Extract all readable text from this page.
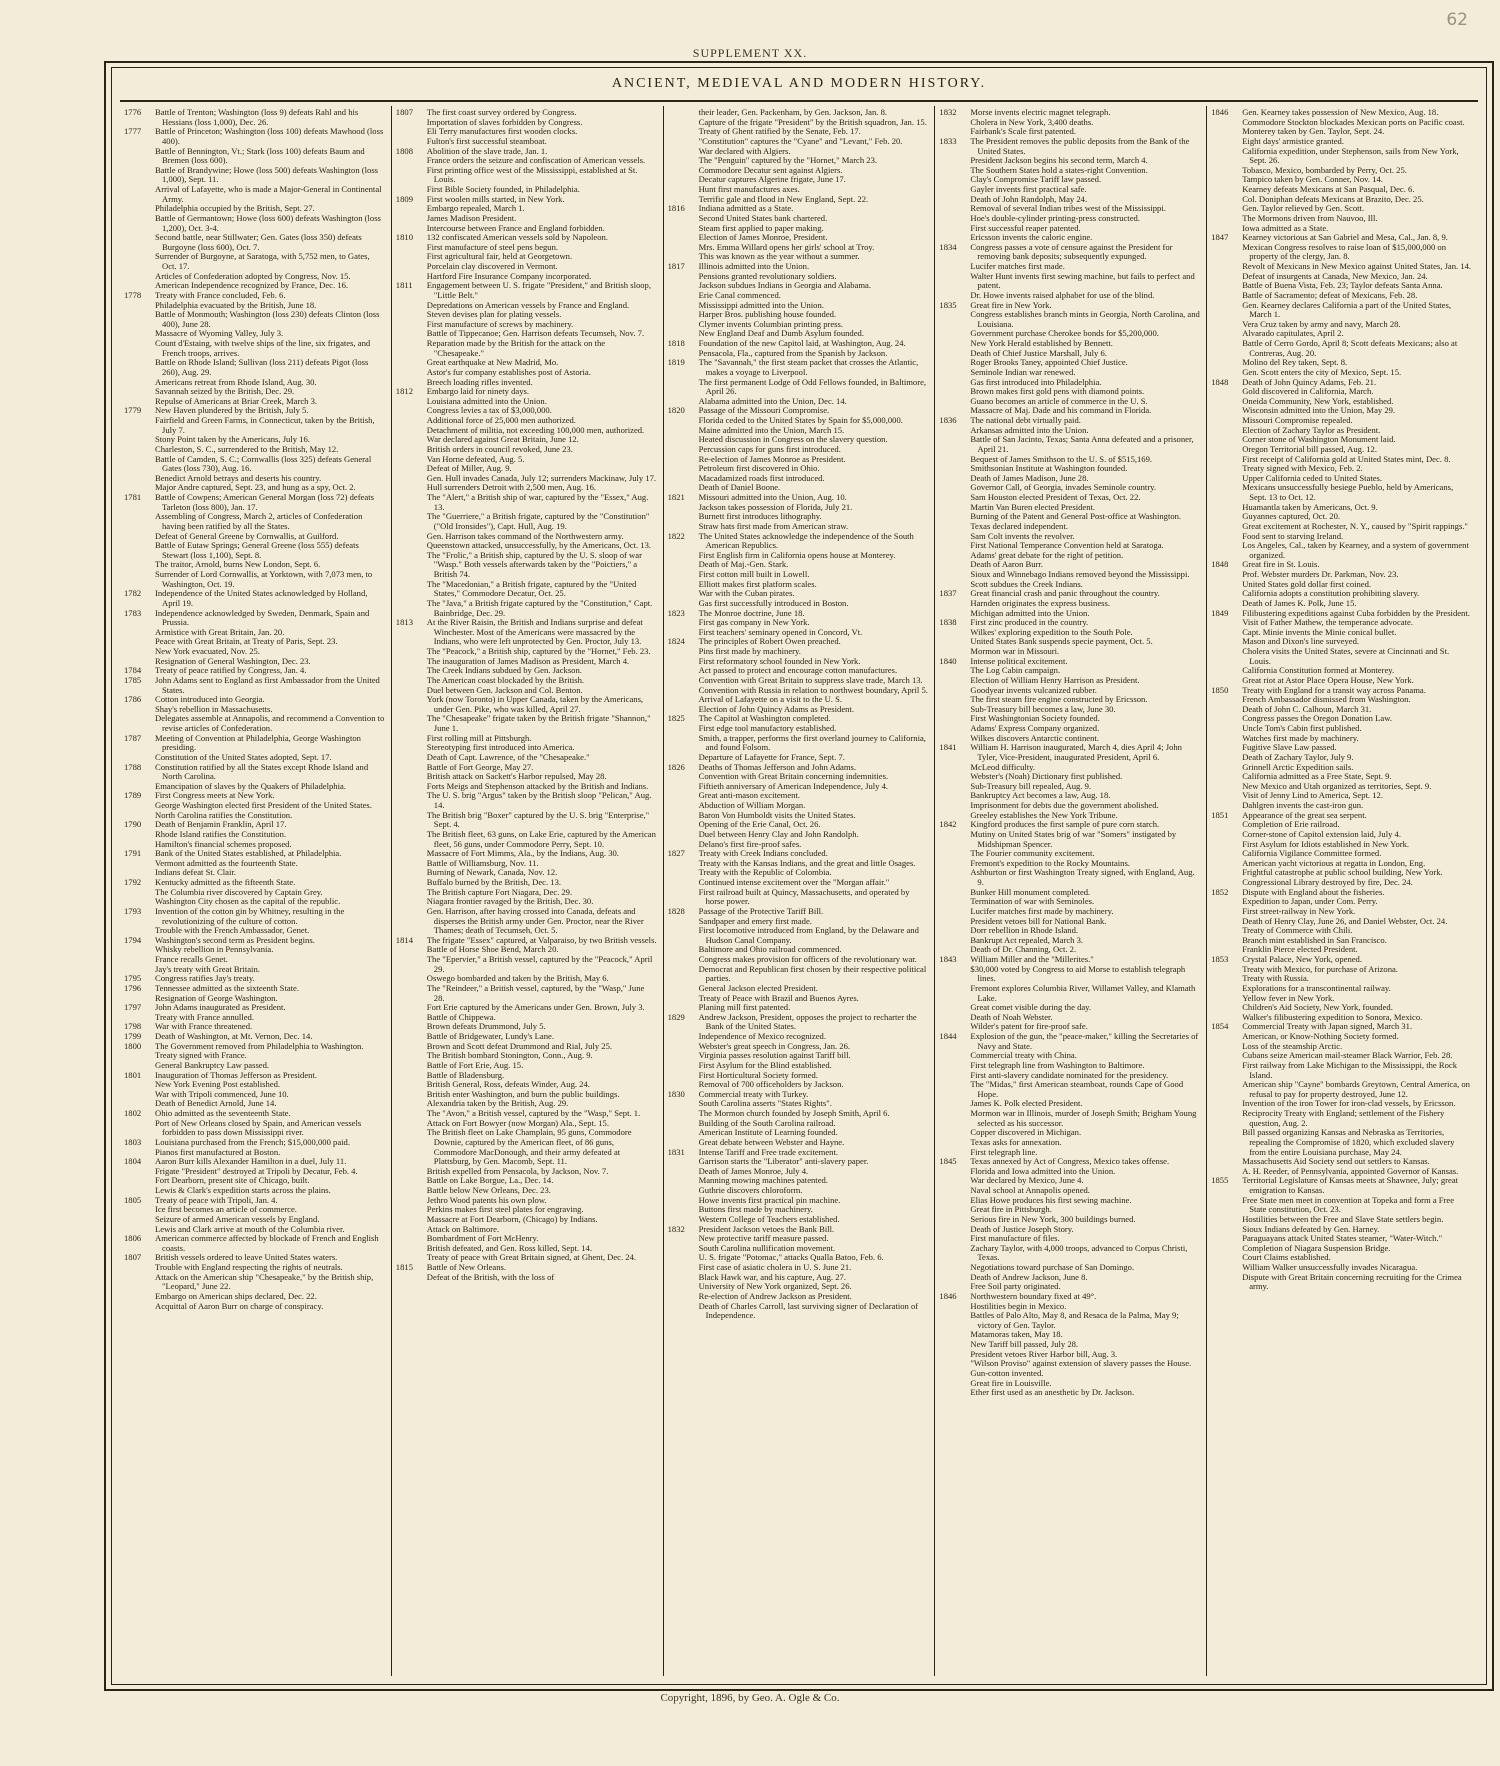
62
SUPPLEMENT XX.
ANCIENT, MEDIEVAL AND MODERN HISTORY.
1776	Battle of Trenton; Washington (loss 9) defeats Rahl and his Hessians (loss 1,000), Dec. 26.
1777	Battle of Princeton; Washington (loss 100) defeats Mawhood (loss 400).
Battle of Bennington, Vt.; Stark (loss 100) defeats Baum and Bremen (loss 600).
Battle of Brandywine; Howe (loss 500) defeats Washington (loss 1,000), Sept. 11.
Arrival of Lafayette, who is made a Major-General in Continental Army.
Philadelphia occupied by the British, Sept. 27.
Battle of Germantown; Howe (loss 600) defeats Washington (loss 1,200), Oct. 3-4.
Second battle, near Stillwater; Gen. Gates (loss 350) defeats Burgoyne (loss 600), Oct. 7.
Surrender of Burgoyne, at Saratoga, with 5,752 men, to Gates, Oct. 17.
Articles of Confederation adopted by Congress, Nov. 15.
American Independence recognized by France, Dec. 16.
1778	Treaty with France concluded, Feb. 6.
Philadelphia evacuated by the British, June 18.
Battle of Monmouth; Washington (loss 230) defeats Clinton (loss 400), June 28.
Massacre of Wyoming Valley, July 3.
Count d'Estaing, with twelve ships of the line, six frigates, and French troops, arrives.
Battle on Rhode Island; Sullivan (loss 211) defeats Pigot (loss 260), Aug. 29.
Americans retreat from Rhode Island, Aug. 30.
Savannah seized by the British, Dec. 29.
Repulse of Americans at Briar Creek, March 3.
1779	New Haven plundered by the British, July 5.
Fairfield and Green Farms, in Connecticut, taken by the British, July 7.
Stony Point taken by the Americans, July 16.
Charleston, S. C., surrendered to the British, May 12.
Battle of Camden, S. C.; Cornwallis (loss 325) defeats General Gates (loss 730), Aug. 16.
Benedict Arnold betrays and deserts his country.
Major Andre captured, Sept. 23, and hung as a spy, Oct. 2.
1781	Battle of Cowpens; American General Morgan (loss 72) defeats Tarleton (loss 800), Jan. 17.
Assembling of Congress, March 2, articles of Confederation having been ratified by all the States.
Defeat of General Greene by Cornwallis, at Guilford.
Battle of Eutaw Springs; General Greene (loss 555) defeats Stewart (loss 1,100), Sept. 8.
The traitor, Arnold, burns New London, Sept. 6.
Surrender of Lord Cornwallis, at Yorktown, with 7,073 men, to Washington, Oct. 19.
1782	Independence of the United States acknowledged by Holland, April 19.
1783	Independence acknowledged by Sweden, Denmark, Spain and Prussia.
Armistice with Great Britain, Jan. 20.
Peace with Great Britain, at Treaty of Paris, Sept. 23.
New York evacuated, Nov. 25.
Resignation of General Washington, Dec. 23.
1784	Treaty of peace ratified by Congress, Jan. 4.
1785	John Adams sent to England as first Ambassador from the United States.
1786	Cotton introduced into Georgia.
Shay's rebellion in Massachusetts.
Delegates assemble at Annapolis, and recommend a Convention to revise articles of Confederation.
1787	Meeting of Convention at Philadelphia, George Washington presiding.
Constitution of the United States adopted, Sept. 17.
1788	Constitution ratified by all the States except Rhode Island and North Carolina.
Emancipation of slaves by the Quakers of Philadelphia.
1789	First Congress meets at New York.
George Washington elected first President of the United States.
North Carolina ratifies the Constitution.
1790	Death of Benjamin Franklin, April 17.
Rhode Island ratifies the Constitution.
Hamilton's financial schemes proposed.
1791	Bank of the United States established, at Philadelphia.
Vermont admitted as the fourteenth State.
Indians defeat St. Clair.
1792	Kentucky admitted as the fifteenth State.
The Columbia river discovered by Captain Grey.
Washington City chosen as the capital of the republic.
1793	Invention of the cotton gin by Whitney, resulting in the revolutionizing of the culture of cotton.
Trouble with the French Ambassador, Genet.
1794	Washington's second term as President begins.
Whisky rebellion in Pennsylvania.
France recalls Genet.
Jay's treaty with Great Britain.
1795	Congress ratifies Jay's treaty.
1796	Tennessee admitted as the sixteenth State.
Resignation of George Washington.
1797	John Adams inaugurated as President.
Treaty with France annulled.
1798	War with France threatened.
1799	Death of Washington, at Mt. Vernon, Dec. 14.
1800	The Government removed from Philadelphia to Washington.
Treaty signed with France.
General Bankruptcy Law passed.
1801	Inauguration of Thomas Jefferson as President.
New York Evening Post established.
War with Tripoli commenced, June 10.
Death of Benedict Arnold, June 14.
1802	Ohio admitted as the seventeenth State.
Port of New Orleans closed by Spain, and American vessels forbidden to pass down Mississippi river.
1803	Louisiana purchased from the French; $15,000,000 paid.
Pianos first manufactured at Boston.
1804	Aaron Burr kills Alexander Hamilton in a duel, July 11.
Frigate "President" destroyed at Tripoli by Decatur, Feb. 4.
Fort Dearborn, present site of Chicago, built.
Lewis & Clark's expedition starts across the plains.
1805	Treaty of peace with Tripoli, Jan. 4.
Ice first becomes an article of commerce.
Seizure of armed American vessels by England.
Lewis and Clark arrive at mouth of the Columbia river.
1806	American commerce affected by blockade of French and English coasts.
1807	British vessels ordered to leave United States waters.
Trouble with England respecting the rights of neutrals.
Attack on the American ship "Chesapeake," by the British ship, "Leopard," June 22.
Embargo on American ships declared, Dec. 22.
Acquittal of Aaron Burr on charge of conspiracy.
1807	The first coast survey ordered by Congress.
Importation of slaves forbidden by Congress.
Eli Terry manufactures first wooden clocks.
Fulton's first successful steamboat.
1808	Abolition of the slave trade, Jan. 1.
France orders the seizure and confiscation of American vessels.
First printing office west of the Mississippi, established at St. Louis.
First Bible Society founded, in Philadelphia.
1809	First woolen mills started, in New York.
Embargo repealed, March 1.
James Madison President.
Intercourse between France and England forbidden.
1810	132 confiscated American vessels sold by Napoleon.
First manufacture of steel pens begun.
First agricultural fair, held at Georgetown.
Porcelain clay discovered in Vermont.
Hartford Fire Insurance Company incorporated.
1811	Engagement between U. S. frigate "President," and British sloop, "Little Belt."
Depredations on American vessels by France and England.
Steven devises plan for plating vessels.
First manufacture of screws by machinery.
Battle of Tippecanoe; Gen. Harrison defeats Tecumseh, Nov. 7.
Reparation made by the British for the attack on the "Chesapeake."
Great earthquake at New Madrid, Mo.
Astor's fur company establishes post of Astoria.
Breech loading rifles invented.
1812	Embargo laid for ninety days.
Louisiana admitted into the Union.
Congress levies a tax of $3,000,000.
Additional force of 25,000 men authorized.
Detachment of militia, not exceeding 100,000 men, authorized.
War declared against Great Britain, June 12.
British orders in council revoked, June 23.
Van Horne defeated, Aug. 5.
Defeat of Miller, Aug. 9.
Gen. Hull invades Canada, July 12; surrenders Mackinaw, July 17.
Hull surrenders Detroit with 2,500 men, Aug. 16.
The "Alert," a British ship of war, captured by the "Essex," Aug. 13.
The "Guerriere," a British frigate, captured by the "Constitution" ("Old Ironsides"), Capt. Hull, Aug. 19.
Gen. Harrison takes command of the Northwestern army.
Queenstown attacked, unsuccessfully, by the Americans, Oct. 13.
The "Frolic," a British ship, captured by the U. S. sloop of war "Wasp." Both vessels afterwards taken by the "Poictiers," a British 74.
The "Macedonian," a British frigate, captured by the "United States," Commodore Decatur, Oct. 25.
The "Java," a British frigate captured by the "Constitution," Capt. Bainbridge, Dec. 29.
1813	At the River Raisin, the British and Indians surprise and defeat Winchester. Most of the Americans were massacred by the Indians, who were left unprotected by Gen. Proctor, July 13.
The "Peacock," a British ship, captured by the "Hornet," Feb. 23.
The inauguration of James Madison as President, March 4.
The Creek Indians subdued by Gen. Jackson.
The American coast blockaded by the British.
Duel between Gen. Jackson and Col. Benton.
York (now Toronto) in Upper Canada, taken by the Americans, under Gen. Pike, who was killed, April 27.
The "Chesapeake" frigate taken by the British frigate "Shannon," June 1.
First rolling mill at Pittsburgh.
Stereotyping first introduced into America.
Death of Capt. Lawrence, of the "Chesapeake."
Battle of Fort George, May 27.
British attack on Sackett's Harbor repulsed, May 28.
Forts Meigs and Stephenson attacked by the British and Indians.
The U. S. brig "Argus" taken by the British sloop "Pelican," Aug. 14.
The British brig "Boxer" captured by the U. S. brig "Enterprise," Sept. 4.
The British fleet, 63 guns, on Lake Erie, captured by the American fleet, 56 guns, under Commodore Perry, Sept. 10.
Massacre of Fort Mimms, Ala., by the Indians, Aug. 30.
Battle of Williamsburg, Nov. 11.
Burning of Newark, Canada, Nov. 12.
Buffalo burned by the British, Dec. 13.
The British capture Fort Niagara, Dec. 29.
Niagara frontier ravaged by the British, Dec. 30.
Gen. Harrison, after having crossed into Canada, defeats and disperses the British army under Gen. Proctor, near the River Thames; death of Tecumseh, Oct. 5.
1814	The frigate "Essex" captured, at Valparaiso, by two British vessels.
Battle of Horse Shoe Bend, March 20.
The "Epervier," a British vessel, captured by the "Peacock," April 29.
Oswego bombarded and taken by the British, May 6.
The "Reindeer," a British vessel, captured, by the "Wasp," June 28.
Fort Erie captured by the Americans under Gen. Brown, July 3.
Battle of Chippewa.
Brown defeats Drummond, July 5.
Battle of Bridgewater, Lundy's Lane.
Brown and Scott defeat Drummond and Rial, July 25.
The British bombard Stonington, Conn., Aug. 9.
Battle of Fort Erie, Aug. 15.
Battle of Bladensburg.
British General, Ross, defeats Winder, Aug. 24.
British enter Washington, and burn the public buildings.
Alexandria taken by the British, Aug. 29.
The "Avon," a British vessel, captured by the "Wasp," Sept. 1.
Attack on Fort Bowyer (now Morgan) Ala., Sept. 15.
The British fleet on Lake Champlain, 95 guns, Commodore Downie, captured by the American fleet, of 86 guns, Commodore MacDonough, and their army defeated at Plattsburg, by Gen. Macomb, Sept. 11.
British expelled from Pensacola, by Jackson, Nov. 7.
Battle on Lake Borgue, La., Dec. 14.
Battle below New Orleans, Dec. 23.
Jethro Wood patents his own plow.
Perkins makes first steel plates for engraving.
Massacre at Fort Dearborn, (Chicago) by Indians.
Attack on Baltimore.
Bombardment of Fort McHenry.
British defeated, and Gen. Ross killed, Sept. 14.
Treaty of peace with Great Britain signed, at Ghent, Dec. 24.
1815	Battle of New Orleans.
Defeat of the British, with the loss of
their leader, Gen. Packenham, by Gen. Jackson, Jan. 8.
Capture of the frigate "President" by the British squadron, Jan. 15.
Treaty of Ghent ratified by the Senate, Feb. 17.
"Constitution" captures the "Cyane" and "Levant," Feb. 20.
War declared with Algiers.
The "Penguin" captured by the "Hornet," March 23.
Commodore Decatur sent against Algiers.
Decatur captures Algerine frigate, June 17.
Hunt first manufactures axes.
Terrific gale and flood in New England, Sept. 22.
1816	Indiana admitted as a State.
Second United States bank chartered.
Steam first applied to paper making.
Election of James Monroe, President.
Mrs. Emma Willard opens her girls' school at Troy.
This was known as the year without a summer.
1817	Illinois admitted into the Union.
Pensions granted revolutionary soldiers.
Jackson subdues Indians in Georgia and Alabama.
Erie Canal commenced.
Mississippi admitted into the Union.
Harper Bros. publishing house founded.
Clymer invents Columbian printing press.
New England Deaf and Dumb Asylum founded.
1818	Foundation of the new Capitol laid, at Washington, Aug. 24.
Pensacola, Fla., captured from the Spanish by Jackson.
1819	The "Savannah," the first steam packet that crosses the Atlantic, makes a voyage to Liverpool.
The first permanent Lodge of Odd Fellows founded, in Baltimore, April 26.
Alabama admitted into the Union, Dec. 14.
1820	Passage of the Missouri Compromise.
Florida ceded to the United States by Spain for $5,000,000.
Maine admitted into the Union, March 15.
Heated discussion in Congress on the slavery question.
Percussion caps for guns first introduced.
Re-election of James Monroe as President.
Petroleum first discovered in Ohio.
Macadamized roads first introduced.
Death of Daniel Boone.
1821	Missouri admitted into the Union, Aug. 10.
Jackson takes possession of Florida, July 21.
Burnett first introduces lithography.
Straw hats first made from American straw.
1822	The United States acknowledge the independence of the South American Republics.
First English firm in California opens house at Monterey.
Death of Maj.-Gen. Stark.
First cotton mill built in Lowell.
Elliott makes first platform scales.
War with the Cuban pirates.
Gas first successfully introduced in Boston.
1823	The Monroe doctrine, June 18.
First gas company in New York.
First teachers' seminary opened in Concord, Vt.
1824	The principles of Robert Owen preached.
Pins first made by machinery.
First reformatory school founded in New York.
Act passed to protect and encourage cotton manufactures.
Convention with Great Britain to suppress slave trade, March 13.
Convention with Russia in relation to northwest boundary, April 5.
Arrival of Lafayette on a visit to the U. S.
Election of John Quincy Adams as President.
1825	The Capitol at Washington completed.
First edge tool manufactory established.
Smith, a trapper, performs the first overland journey to California, and found Folsom.
Departure of Lafayette for France, Sept. 7.
1826	Deaths of Thomas Jefferson and John Adams.
Convention with Great Britain concerning indemnities.
Fiftieth anniversary of American Independence, July 4.
Great anti-mason excitement.
Abduction of William Morgan.
Baron Von Humboldt visits the United States.
Opening of the Erie Canal, Oct. 26.
Duel between Henry Clay and John Randolph.
Delano's first fire-proof safes.
1827	Treaty with Creek Indians concluded.
Treaty with the Kansas Indians, and the great and little Osages.
Treaty with the Republic of Colombia.
Continued intense excitement over the "Morgan affair."
First railroad built at Quincy, Massachusetts, and operated by horse power.
1828	Passage of the Protective Tariff Bill.
Sandpaper and emery first made.
First locomotive introduced from England, by the Delaware and Hudson Canal Company.
Baltimore and Ohio railroad commenced.
Congress makes provision for officers of the revolutionary war.
Democrat and Republican first chosen by their respective political parties.
General Jackson elected President.
Treaty of Peace with Brazil and Buenos Ayres.
Planing mill first patented.
1829	Andrew Jackson, President, opposes the project to recharter the Bank of the United States.
Independence of Mexico recognized.
Webster's great speech in Congress, Jan. 26.
Virginia passes resolution against Tariff bill.
First Asylum for the Blind established.
First Horticultural Society formed.
Removal of 700 officeholders by Jackson.
1830	Commercial treaty with Turkey.
South Carolina asserts "States Rights".
The Mormon church founded by Joseph Smith, April 6.
Building of the South Carolina railroad.
American Institute of Learning founded.
Great debate between Webster and Hayne.
1831	Intense Tariff and Free trade excitement.
Garrison starts the "Liberator" anti-slavery paper.
Death of James Monroe, July 4.
Manning mowing machines patented.
Guthrie discovers chloroform.
Howe invents first practical pin machine.
Buttons first made by machinery.
Western College of Teachers established.
1832	President Jackson vetoes the Bank Bill.
New protective tariff measure passed.
South Carolina nullification movement.
U. S. frigate "Potomac," attacks Qualla Batoo, Feb. 6.
First case of asiatic cholera in U. S. June 21.
Black Hawk war, and his capture, Aug. 27.
University of New York organized, Sept. 26.
Re-election of Andrew Jackson as President.
Death of Charles Carroll, last surviving signer of Declaration of Independence.
1832	Morse invents electric magnet telegraph.
Cholera in New York, 3,400 deaths.
Fairbank's Scale first patented.
1833	The President removes the public deposits from the Bank of the United States.
President Jackson begins his second term, March 4.
The Southern States hold a states-right Convention.
Clay's Compromise Tariff law passed.
Gayler invents first practical safe.
Death of John Randolph, May 24.
Removal of several Indian tribes west of the Mississippi.
Hoe's double-cylinder printing-press constructed.
First successful reaper patented.
Ericsson invents the caloric engine.
1834	Congress passes a vote of censure against the President for removing bank deposits; subsequently expunged.
Lucifer matches first made.
Walter Hunt invents first sewing machine, but fails to perfect and patent.
Dr. Howe invents raised alphabet for use of the blind.
1835	Great fire in New York.
Congress establishes branch mints in Georgia, North Carolina, and Louisiana.
Government purchase Cherokee bonds for $5,200,000.
New York Herald established by Bennett.
Death of Chief Justice Marshall, July 6.
Roger Brooks Taney, appointed Chief Justice.
Seminole Indian war renewed.
Gas first introduced into Philadelphia.
Brown makes first gold pens with diamond points.
Guano becomes an article of commerce in the U. S.
Massacre of Maj. Dade and his command in Florida.
1836	The national debt virtually paid.
Arkansas admitted into the Union.
Battle of San Jacinto, Texas; Santa Anna defeated and a prisoner, April 21.
Bequest of James Smithson to the U. S. of $515,169.
Smithsonian Institute at Washington founded.
Death of James Madison, June 28.
Governor Call, of Georgia, invades Seminole country.
Sam Houston elected President of Texas, Oct. 22.
Martin Van Buren elected President.
Burning of the Patent and General Post-office at Washington.
Texas declared independent.
Sam Colt invents the revolver.
First National Temperance Convention held at Saratoga.
Adams' great debate for the right of petition.
Death of Aaron Burr.
Sioux and Winnebago Indians removed beyond the Mississippi.
Scott subdues the Creek Indians.
1837	Great financial crash and panic throughout the country.
Harnden originates the express business.
Michigan admitted into the Union.
1838	First zinc produced in the country.
Wilkes' exploring expedition to the South Pole.
United States Bank suspends specie payment, Oct. 5.
Mormon war in Missouri.
1840	Intense political excitement.
The Log Cabin campaign.
Election of William Henry Harrison as President.
Goodyear invents vulcanized rubber.
The first steam fire engine constructed by Ericsson.
Sub-Treasury bill becomes a law, June 30.
First Washingtonian Society founded.
Adams' Express Company organized.
Wilkes discovers Antarctic continent.
1841	William H. Harrison inaugurated, March 4, dies April 4; John Tyler, Vice-President, inaugurated President, April 6.
McLeod difficulty.
Webster's (Noah) Dictionary first published.
Sub-Treasury bill repealed, Aug. 9.
Bankruptcy Act becomes a law, Aug. 18.
Imprisonment for debts due the government abolished.
Greeley establishes the New York Tribune.
1842	Kingford produces the first sample of pure corn starch.
Mutiny on United States brig of war "Somers" instigated by Midshipman Spencer.
The Fourier community excitement.
Fremont's expedition to the Rocky Mountains.
Ashburton or first Washington Treaty signed, with England, Aug. 9.
Bunker Hill monument completed.
Termination of war with Seminoles.
Lucifer matches first made by machinery.
President vetoes bill for National Bank.
Dorr rebellion in Rhode Island.
Bankrupt Act repealed, March 3.
Death of Dr. Channing, Oct. 2.
1843	William Miller and the "Millerites."
$30,000 voted by Congress to aid Morse to establish telegraph lines.
Fremont explores Columbia River, Willamet Valley, and Klamath Lake.
Great comet visible during the day.
Death of Noah Webster.
Wilder's patent for fire-proof safe.
1844	Explosion of the gun, the "peace-maker," killing the Secretaries of Navy and State.
Commercial treaty with China.
First telegraph line from Washington to Baltimore.
First anti-slavery candidate nominated for the presidency.
The "Midas," first American steamboat, rounds Cape of Good Hope.
James K. Polk elected President.
Mormon war in Illinois, murder of Joseph Smith; Brigham Young selected as his successor.
Copper discovered in Michigan.
Texas asks for annexation.
First telegraph line.
1845	Texas annexed by Act of Congress, Mexico takes offense.
Florida and Iowa admitted into the Union.
War declared by Mexico, June 4.
Naval school at Annapolis opened.
Elias Howe produces his first sewing machine.
Great fire in Pittsburgh.
Serious fire in New York, 300 buildings burned.
Death of Justice Joseph Story.
First manufacture of files.
Zachary Taylor, with 4,000 troops, advanced to Corpus Christi, Texas.
Negotiations toward purchase of San Domingo.
Death of Andrew Jackson, June 8.
Free Soil party originated.
1846	Northwestern boundary fixed at 49°.
Hostilities begin in Mexico.
Battles of Palo Alto, May 8, and Resaca de la Palma, May 9; victory of Gen. Taylor.
Matamoras taken, May 18.
New Tariff bill passed, July 28.
President vetoes River Harbor bill, Aug. 3.
"Wilson Proviso" against extension of slavery passes the House.
Gun-cotton invented.
Great fire in Louisville.
Ether first used as an anesthetic by Dr. Jackson.
1846	Gen. Kearney takes possession of New Mexico, Aug. 18.
Commodore Stockton blockades Mexican ports on Pacific coast.
Monterey taken by Gen. Taylor, Sept. 24.
Eight days' armistice granted.
California expedition, under Stephenson, sails from New York, Sept. 26.
Tobasco, Mexico, bombarded by Perry, Oct. 25.
Tampico taken by Gen. Conner, Nov. 14.
Kearney defeats Mexicans at San Pasqual, Dec. 6.
Col. Doniphan defeats Mexicans at Brazito, Dec. 25.
Gen. Taylor relieved by Gen. Scott.
The Mormons driven from Nauvoo, Ill.
Iowa admitted as a State.
1847	Kearney victorious at San Gabriel and Mesa, Cal., Jan. 8, 9.
Mexican Congress resolves to raise loan of $15,000,000 on property of the clergy, Jan. 8.
Revolt of Mexicans in New Mexico against United States, Jan. 14.
Defeat of insurgents at Canada, New Mexico, Jan. 24.
Battle of Buena Vista, Feb. 23; Taylor defeats Santa Anna.
Battle of Sacramento; defeat of Mexicans, Feb. 28.
Gen. Kearney declares California a part of the United States, March 1.
Vera Cruz taken by army and navy, March 28.
Alvarado capitulates, April 2.
Battle of Cerro Gordo, April 8; Scott defeats Mexicans; also at Contreras, Aug. 20.
Molino del Rey taken, Sept. 8.
Gen. Scott enters the city of Mexico, Sept. 15.
1848	Death of John Quincy Adams, Feb. 21.
Gold discovered in California, March.
Oneida Community, New York, established.
Wisconsin admitted into the Union, May 29.
Missouri Compromise repealed.
Election of Zachary Taylor as President.
Corner stone of Washington Monument laid.
Oregon Territorial bill passed, Aug. 12.
First receipt of California gold at United States mint, Dec. 8.
Treaty signed with Mexico, Feb. 2.
Upper California ceded to United States.
Mexicans unsuccessfully besiege Pueblo, held by Americans, Sept. 13 to Oct. 12.
Huamantla taken by Americans, Oct. 9.
Guyannes captured, Oct. 20.
Great excitement at Rochester, N. Y., caused by "Spirit rappings."
Food sent to starving Ireland.
Los Angeles, Cal., taken by Kearney, and a system of government organized.
1848	Great fire in St. Louis.
Prof. Webster murders Dr. Parkman, Nov. 23.
United States gold dollar first coined.
California adopts a constitution prohibiting slavery.
Death of James K. Polk, June 15.
1849	Filibustering expeditions against Cuba forbidden by the President.
Visit of Father Mathew, the temperance advocate.
Capt. Minie invents the Minie conical bullet.
Mason and Dixon's line surveyed.
Cholera visits the United States, severe at Cincinnati and St. Louis.
California Constitution formed at Monterey.
Great riot at Astor Place Opera House, New York.
1850	Treaty with England for a transit way across Panama.
French Ambassador dismissed from Washington.
Death of John C. Calhoun, March 31.
Congress passes the Oregon Donation Law.
Uncle Tom's Cabin first published.
Watches first made by machinery.
Fugitive Slave Law passed.
Death of Zachary Taylor, July 9.
Grinnell Arctic Expedition sails.
California admitted as a Free State, Sept. 9.
New Mexico and Utah organized as territories, Sept. 9.
Visit of Jenny Lind to America, Sept. 12.
Dahlgren invents the cast-iron gun.
1851	Appearance of the great sea serpent.
Completion of Erie railroad.
Corner-stone of Capitol extension laid, July 4.
First Asylum for Idiots established in New York.
California Vigilance Committee formed.
American yacht victorious at regatta in London, Eng.
Frightful catastrophe at public school building, New York.
Congressional Library destroyed by fire, Dec. 24.
1852	Dispute with England about the fisheries.
Expedition to Japan, under Com. Perry.
First street-railway in New York.
Death of Henry Clay, June 26, and Daniel Webster, Oct. 24.
Treaty of Commerce with Chili.
Branch mint established in San Francisco.
Franklin Pierce elected President.
1853	Crystal Palace, New York, opened.
Treaty with Mexico, for purchase of Arizona.
Treaty with Russia.
Explorations for a transcontinental railway.
Yellow fever in New York.
Children's Aid Society, New York, founded.
Walker's filibustering expedition to Sonora, Mexico.
1854	Commercial Treaty with Japan signed, March 31.
American, or Know-Nothing Society formed.
Loss of the steamship Arctic.
Cubans seize American mail-steamer Black Warrior, Feb. 28.
First railway from Lake Michigan to the Mississippi, the Rock Island.
American ship "Cayne" bombards Greytown, Central America, on refusal to pay for property destroyed, June 12.
Invention of the iron Tower for iron-clad vessels, by Ericsson.
Reciprocity Treaty with England; settlement of the Fishery question, Aug. 2.
Bill passed organizing Kansas and Nebraska as Territories, repealing the Compromise of 1820, which excluded slavery from the entire Louisiana purchase, May 24.
Massachusetts Aid Society send out settlers to Kansas.
A. H. Reeder, of Pennsylvania, appointed Governor of Kansas.
1855	Territorial Legislature of Kansas meets at Shawnee, July; great emigration to Kansas.
Free State men meet in convention at Topeka and form a Free State constitution, Oct. 23.
Hostilities between the Free and Slave State settlers begin.
Sioux Indians defeated by Gen. Harney.
Paraguayans attack United States steamer, "Water-Witch."
Completion of Niagara Suspension Bridge.
Court Claims established.
William Walker unsuccessfully invades Nicaragua.
Dispute with Great Britain concerning recruiting for the Crimea army.
Copyright, 1896, by Geo. A. Ogle & Co.
